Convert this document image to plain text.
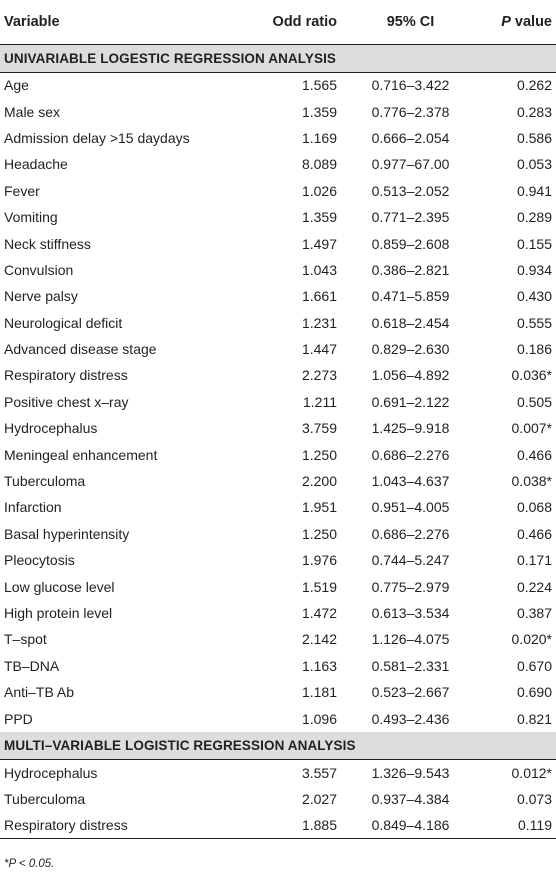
Variable	Odd ratio	95% CI	P value
UNIVARIABLE LOGESTIC REGRESSION ANALYSIS			
Age	1.565	0.716–3.422	0.262
Male sex	1.359	0.776–2.378	0.283
Admission delay >15 daydays	1.169	0.666–2.054	0.586
Headache	8.089	0.977–67.00	0.053
Fever	1.026	0.513–2.052	0.941
Vomiting	1.359	0.771–2.395	0.289
Neck stiffness	1.497	0.859–2.608	0.155
Convulsion	1.043	0.386–2.821	0.934
Nerve palsy	1.661	0.471–5.859	0.430
Neurological deficit	1.231	0.618–2.454	0.555
Advanced disease stage	1.447	0.829–2.630	0.186
Respiratory distress	2.273	1.056–4.892	0.036*
Positive chest x–ray	1.211	0.691–2.122	0.505
Hydrocephalus	3.759	1.425–9.918	0.007*
Meningeal enhancement	1.250	0.686–2.276	0.466
Tuberculoma	2.200	1.043–4.637	0.038*
Infarction	1.951	0.951–4.005	0.068
Basal hyperintensity	1.250	0.686–2.276	0.466
Pleocytosis	1.976	0.744–5.247	0.171
Low glucose level	1.519	0.775–2.979	0.224
High protein level	1.472	0.613–3.534	0.387
T–spot	2.142	1.126–4.075	0.020*
TB–DNA	1.163	0.581–2.331	0.670
Anti–TB Ab	1.181	0.523–2.667	0.690
PPD	1.096	0.493–2.436	0.821
MULTI–VARIABLE LOGISTIC REGRESSION ANALYSIS			
Hydrocephalus	3.557	1.326–9.543	0.012*
Tuberculoma	2.027	0.937–4.384	0.073
Respiratory distress	1.885	0.849–4.186	0.119
*P < 0.05.
